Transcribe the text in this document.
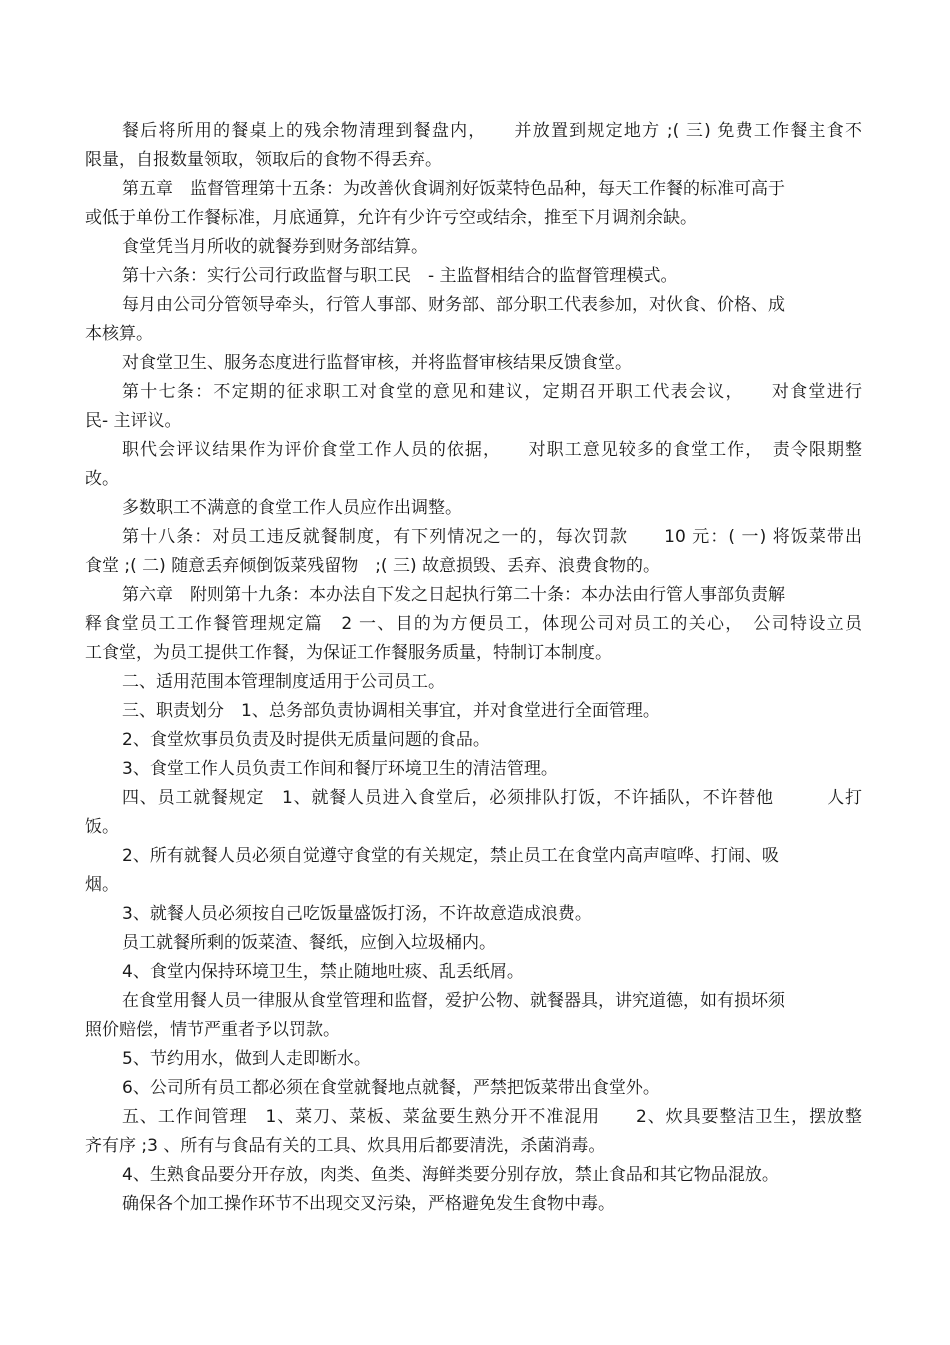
餐后将所用的餐桌上的残余物清理到餐盘内，　　并放置到规定地方 ;( 三) 免费工作餐主食不
限量，自报数量领取，领取后的食物不得丢弃。
第五章　监督管理第十五条：为改善伙食调剂好饭菜特色品种，每天工作餐的标准可高于
或低于单份工作餐标准，月底通算，允许有少许亏空或结余，推至下月调剂余缺。
食堂凭当月所收的就餐券到财务部结算。
第十六条：实行公司行政监督与职工民　- 主监督相结合的监督管理模式。
每月由公司分管领导牵头，行管人事部、财务部、部分职工代表参加，对伙食、价格、成
本核算。
对食堂卫生、服务态度进行监督审核，并将监督审核结果反馈食堂。
第十七条：不定期的征求职工对食堂的意见和建议，定期召开职工代表会议，　　对食堂进行
民- 主评议。
职代会评议结果作为评价食堂工作人员的依据，　　对职工意见较多的食堂工作，　责令限期整
改。
多数职工不满意的食堂工作人员应作出调整。
第十八条：对员工违反就餐制度，有下列情况之一的，每次罚款　　10 元：( 一) 将饭菜带出
食堂 ;( 二) 随意丢弃倾倒饭菜残留物　;( 三) 故意损毁、丢弃、浪费食物的。
第六章　附则第十九条：本办法自下发之日起执行第二十条：本办法由行管人事部负责解
释食堂员工工作餐管理规定篇　2 一、目的为方便员工，体现公司对员工的关心，　公司特设立员
工食堂，为员工提供工作餐，为保证工作餐服务质量，特制订本制度。
二、适用范围本管理制度适用于公司员工。
三、职责划分　1、总务部负责协调相关事宜，并对食堂进行全面管理。
2、食堂炊事员负责及时提供无质量问题的食品。
3、食堂工作人员负责工作间和餐厅环境卫生的清洁管理。
四、员工就餐规定　1、就餐人员进入食堂后，必须排队打饭，不许插队，不许替他　　　人打
饭。
2、所有就餐人员必须自觉遵守食堂的有关规定，禁止员工在食堂内高声喧哗、打闹、吸
烟。
3、就餐人员必须按自己吃饭量盛饭打汤，不许故意造成浪费。
员工就餐所剩的饭菜渣、餐纸，应倒入垃圾桶内。
4、食堂内保持环境卫生，禁止随地吐痰、乱丢纸屑。
在食堂用餐人员一律服从食堂管理和监督，爱护公物、就餐器具，讲究道德，如有损坏须
照价赔偿，情节严重者予以罚款。
5、节约用水，做到人走即断水。
6、公司所有员工都必须在食堂就餐地点就餐，严禁把饭菜带出食堂外。
五、工作间管理　1、菜刀、菜板、菜盆要生熟分开不准混用　　2、炊具要整洁卫生，摆放整
齐有序 ;3 、所有与食品有关的工具、炊具用后都要清洗，杀菌消毒。
4、生熟食品要分开存放，肉类、鱼类、海鲜类要分别存放，禁止食品和其它物品混放。
确保各个加工操作环节不出现交叉污染，严格避免发生食物中毒。
